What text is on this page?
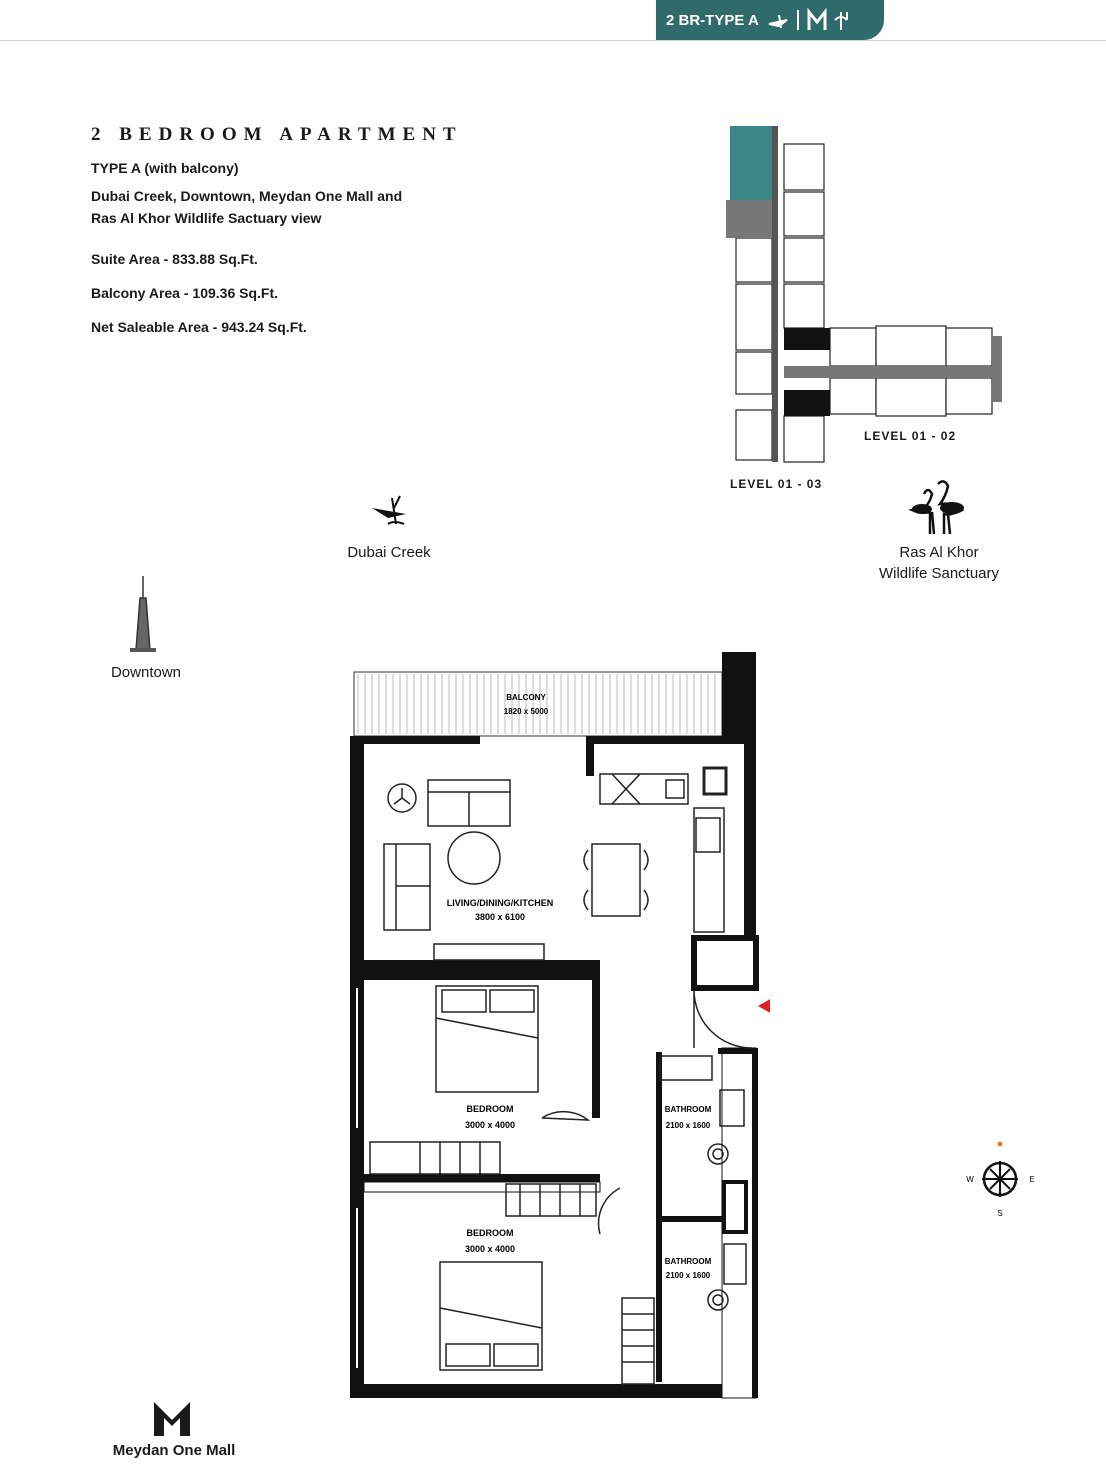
2 BR-TYPE A
2 BEDROOM APARTMENT
TYPE A (with balcony)
Dubai Creek, Downtown, Meydan One Mall and
Ras Al Khor Wildlife Sactuary view
Suite Area - 833.88 Sq.Ft.
Balcony Area - 109.36 Sq.Ft.
Net Saleable Area - 943.24 Sq.Ft.
LEVEL 01 - 02
LEVEL 01 - 03
Dubai Creek
Downtown
Ras Al Khor
Wildlife Sanctuary
BALCONY
1820 x 5000
LIVING/DINING/KITCHEN
3800 x 6100
BEDROOM
3000 x 4000
BEDROOM
3000 x 4000
BATHROOM
2100 x 1600
BATHROOM
2100 x 1600
W	E
S
Meydan One Mall
